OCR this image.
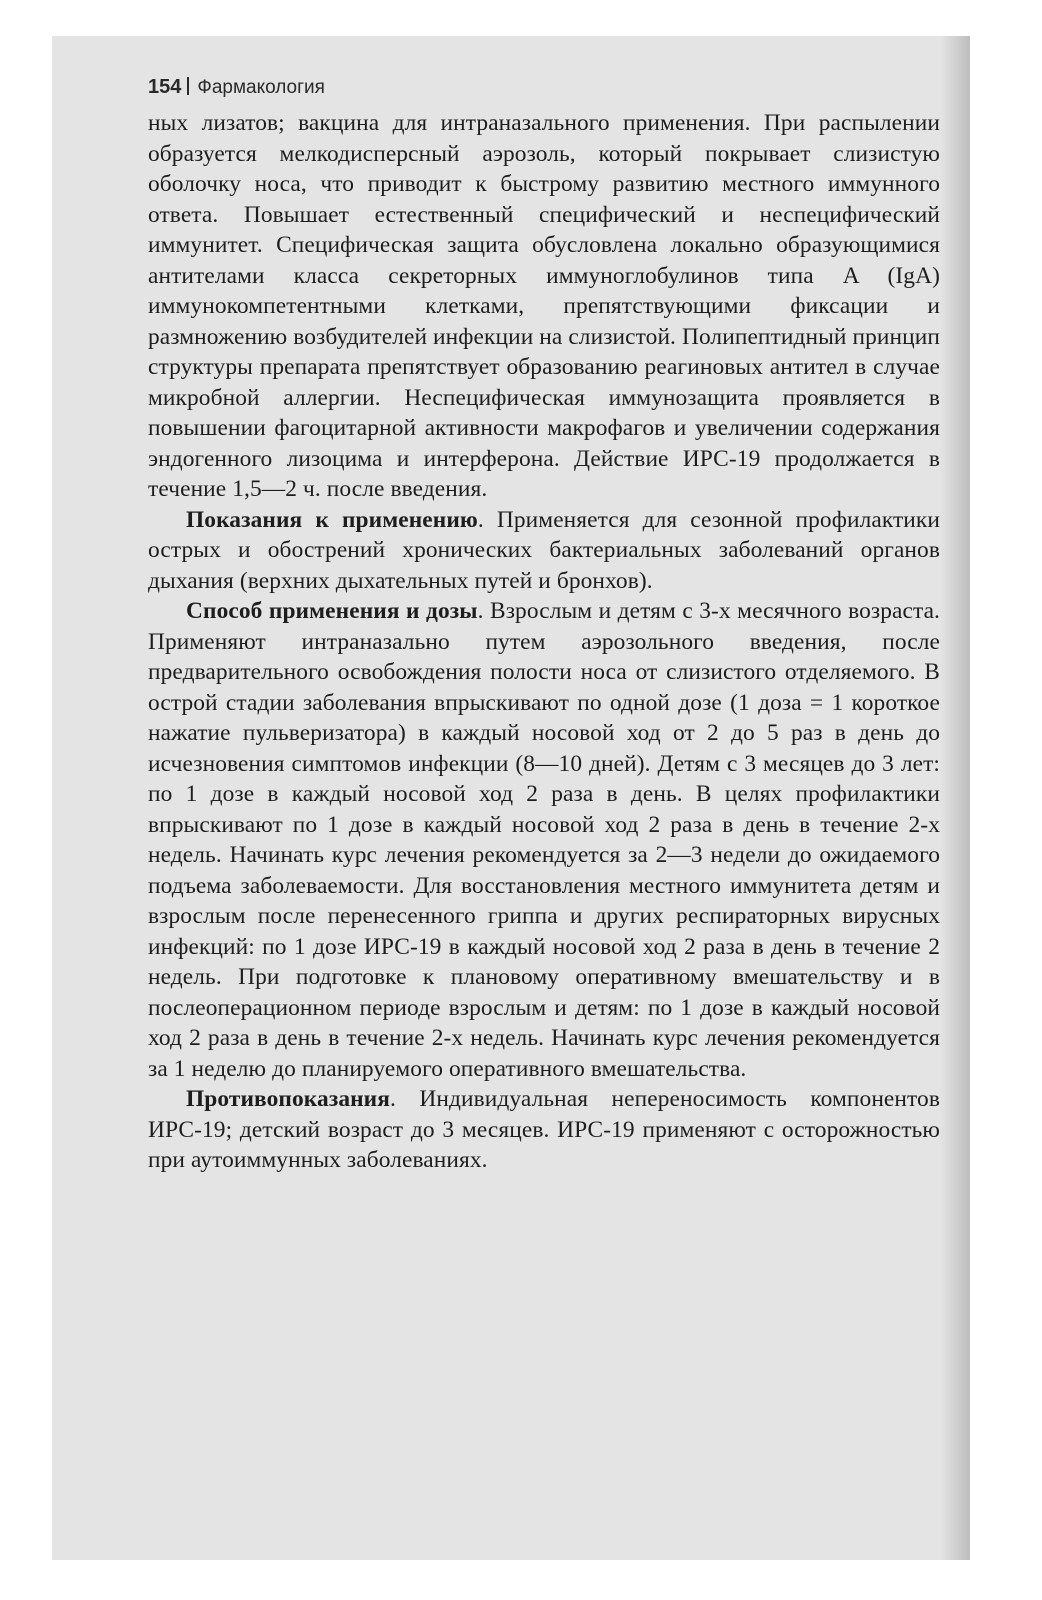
154 Фармакология

ных лизатов; вакцина для интраназального применения. При распылении образуется мелкодисперсный аэрозоль, который покрывает слизистую оболочку носа, что приводит к быстрому развитию местного иммунного ответа. Повышает естественный специфический и неспецифический иммунитет. Специфическая защита обусловлена локально образующимися антителами класса секреторных иммуноглобулинов типа A (IgA) иммунокомпетентными клетками, препятствующими фиксации и размножению возбудителей инфекции на слизистой. Полипептидный принцип структуры препарата препятствует образованию реагиновых антител в случае микробной аллергии. Неспецифическая иммунозащита проявляется в повышении фагоцитарной активности макрофагов и увеличении содержания эндогенного лизоцима и интерферона. Действие ИРС-19 продолжается в течение 1,5—2 ч. после введения.

Показания к применению. Применяется для сезонной профилактики острых и обострений хронических бактериальных заболеваний органов дыхания (верхних дыхательных путей и бронхов).

Способ применения и дозы. Взрослым и детям с 3-х месячного возраста. Применяют интраназально путем аэрозольного введения, после предварительного освобождения полости носа от слизистого отделяемого. В острой стадии заболевания впрыскивают по одной дозе (1 доза = 1 короткое нажатие пульверизатора) в каждый носовой ход от 2 до 5 раз в день до исчезновения симптомов инфекции (8—10 дней). Детям с 3 месяцев до 3 лет: по 1 дозе в каждый носовой ход 2 раза в день. В целях профилактики впрыскивают по 1 дозе в каждый носовой ход 2 раза в день в течение 2-х недель. Начинать курс лечения рекомендуется за 2—3 недели до ожидаемого подъема заболеваемости. Для восстановления местного иммунитета детям и взрослым после перенесенного гриппа и других респираторных вирусных инфекций: по 1 дозе ИРС-19 в каждый носовой ход 2 раза в день в течение 2 недель. При подготовке к плановому оперативному вмешательству и в послеоперационном периоде взрослым и детям: по 1 дозе в каждый носовой ход 2 раза в день в течение 2-х недель. Начинать курс лечения рекомендуется за 1 неделю до планируемого оперативного вмешательства.

Противопоказания. Индивидуальная непереносимость компонентов ИРС-19; детский возраст до 3 месяцев. ИРС-19 применяют с осторожностью при аутоиммунных заболеваниях.
